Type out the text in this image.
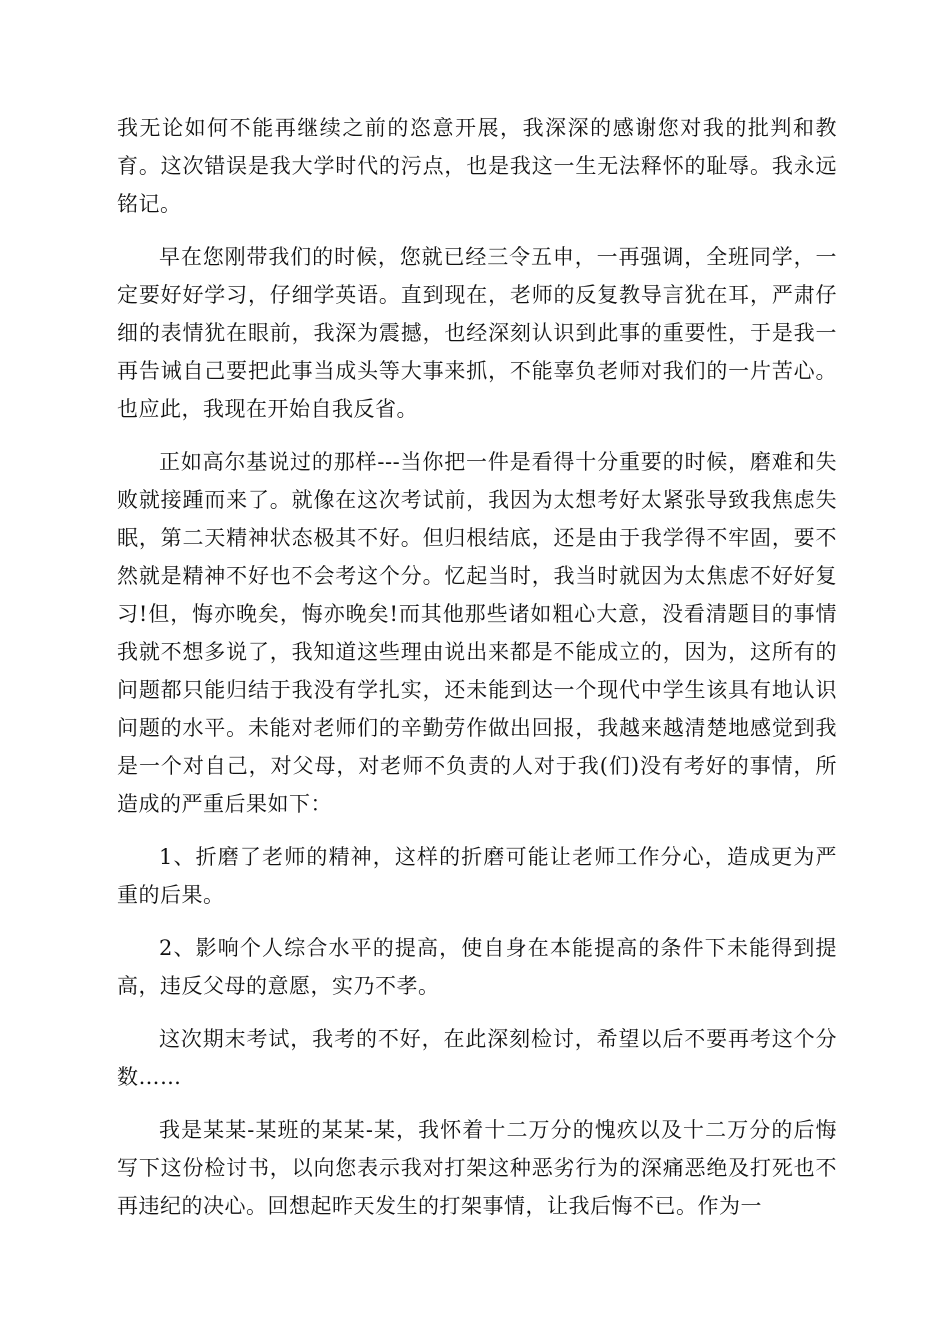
我无论如何不能再继续之前的恣意开展，我深深的感谢您对我的批判和教育。这次错误是我大学时代的污点，也是我这一生无法释怀的耻辱。我永远铭记。

早在您刚带我们的时候，您就已经三令五申，一再强调，全班同学，一定要好好学习，仔细学英语。直到现在，老师的反复教导言犹在耳，严肃仔细的表情犹在眼前，我深为震撼，也经深刻认识到此事的重要性，于是我一再告诫自己要把此事当成头等大事来抓，不能辜负老师对我们的一片苦心。也应此，我现在开始自我反省。

正如高尔基说过的那样---当你把一件是看得十分重要的时候，磨难和失败就接踵而来了。就像在这次考试前，我因为太想考好太紧张导致我焦虑失眠，第二天精神状态极其不好。但归根结底，还是由于我学得不牢固，要不然就是精神不好也不会考这个分。忆起当时，我当时就因为太焦虑不好好复习!但，悔亦晚矣，悔亦晚矣!而其他那些诸如粗心大意，没看清题目的事情我就不想多说了，我知道这些理由说出来都是不能成立的，因为，这所有的问题都只能归结于我没有学扎实，还未能到达一个现代中学生该具有地认识问题的水平。未能对老师们的辛勤劳作做出回报，我越来越清楚地感觉到我是一个对自己，对父母，对老师不负责的人对于我(们)没有考好的事情，所造成的严重后果如下：

1、折磨了老师的精神，这样的折磨可能让老师工作分心，造成更为严重的后果。

2、影响个人综合水平的提高，使自身在本能提高的条件下未能得到提高，违反父母的意愿，实乃不孝。

这次期末考试，我考的不好，在此深刻检讨，希望以后不要再考这个分数……

我是某某-某班的某某-某，我怀着十二万分的愧疚以及十二万分的后悔写下这份检讨书，以向您表示我对打架这种恶劣行为的深痛恶绝及打死也不再违纪的决心。回想起昨天发生的打架事情，让我后悔不已。作为一
